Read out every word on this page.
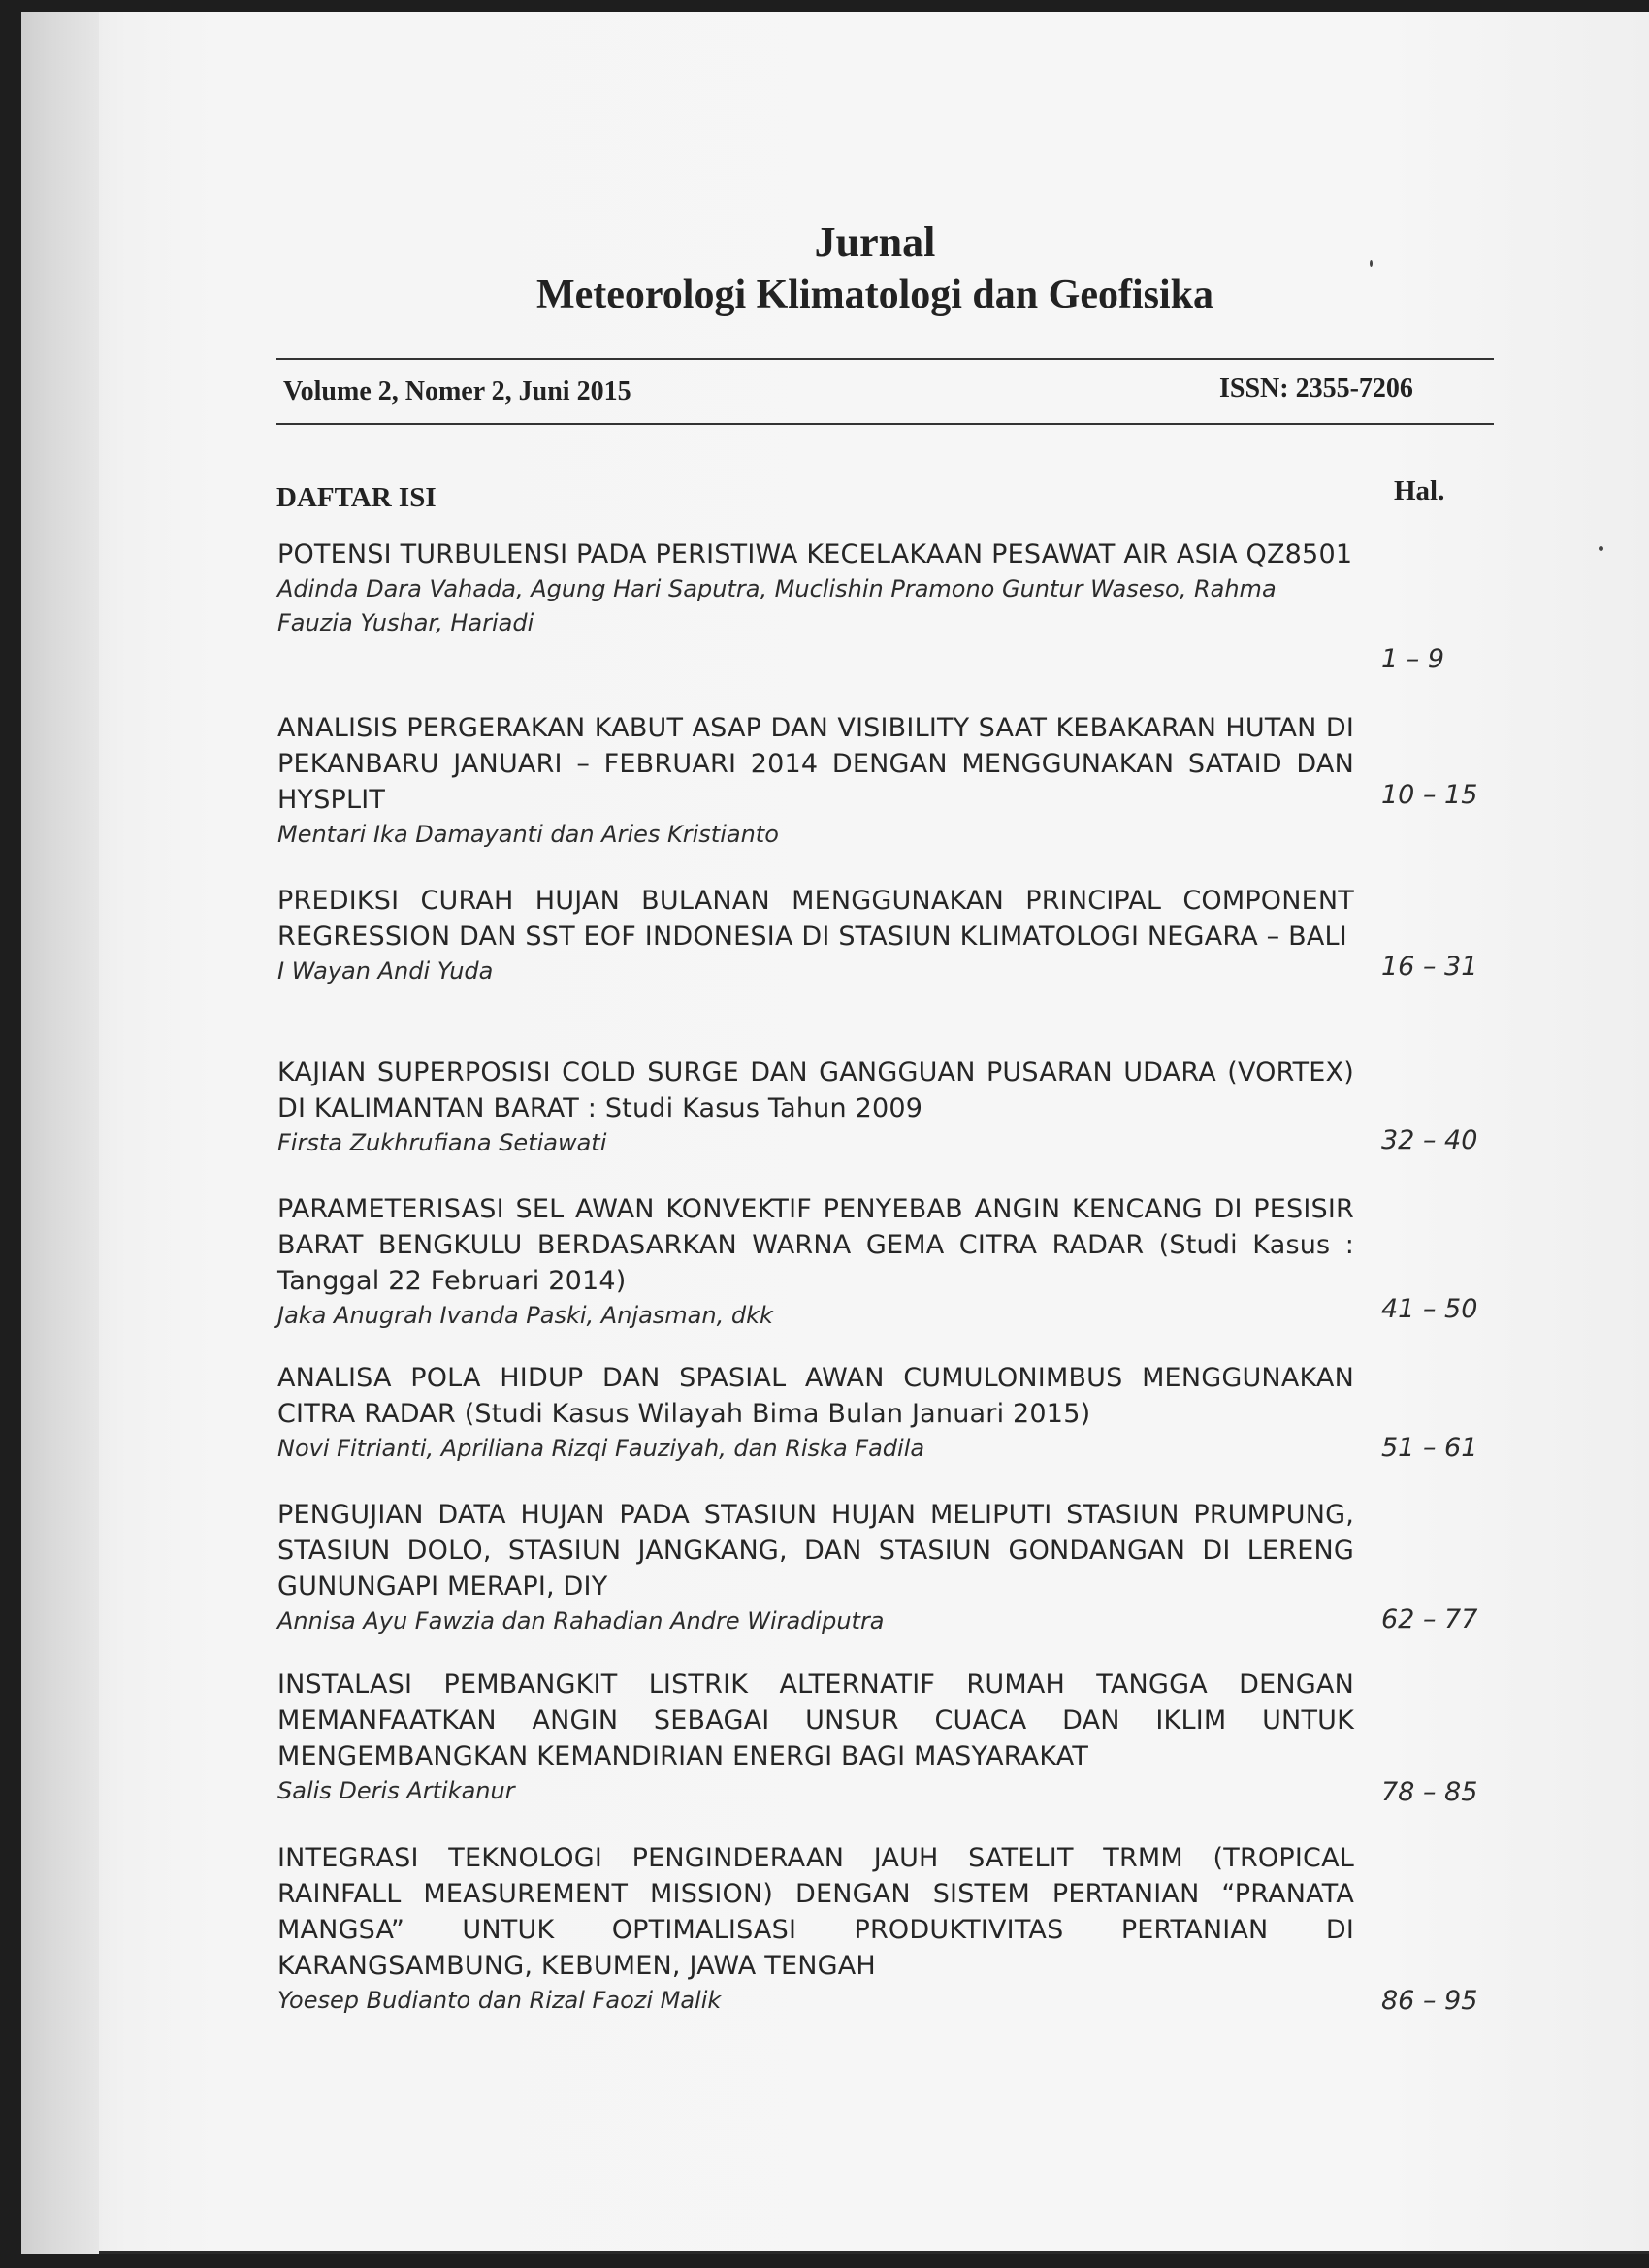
Jurnal
Meteorologi Klimatologi dan Geofisika
Volume 2, Nomer 2, Juni 2015	ISSN: 2355-7206
DAFTAR ISI	Hal.
POTENSI TURBULENSI PADA PERISTIWA KECELAKAAN PESAWAT AIR ASIA QZ8501
Adinda Dara Vahada, Agung Hari Saputra, Muclishin Pramono Guntur Waseso, Rahma Fauzia Yushar, Hariadi
1 – 9
ANALISIS PERGERAKAN KABUT ASAP DAN VISIBILITY SAAT KEBAKARAN HUTAN DI PEKANBARU JANUARI – FEBRUARI 2014 DENGAN MENGGUNAKAN SATAID DAN HYSPLIT
Mentari Ika Damayanti dan Aries Kristianto
10 – 15
PREDIKSI CURAH HUJAN BULANAN MENGGUNAKAN PRINCIPAL COMPONENT REGRESSION DAN SST EOF INDONESIA DI STASIUN KLIMATOLOGI NEGARA – BALI
I Wayan Andi Yuda	16 – 31
KAJIAN SUPERPOSISI COLD SURGE DAN GANGGUAN PUSARAN UDARA (VORTEX) DI KALIMANTAN BARAT : Studi Kasus Tahun 2009
Firsta Zukhrufiana Setiawati	32 – 40
PARAMETERISASI SEL AWAN KONVEKTIF PENYEBAB ANGIN KENCANG DI PESISIR BARAT BENGKULU BERDASARKAN WARNA GEMA CITRA RADAR (Studi Kasus : Tanggal 22 Februari 2014)
Jaka Anugrah Ivanda Paski, Anjasman, dkk	41 – 50
ANALISA POLA HIDUP DAN SPASIAL AWAN CUMULONIMBUS MENGGUNAKAN CITRA RADAR (Studi Kasus Wilayah Bima Bulan Januari 2015)
Novi Fitrianti, Apriliana Rizqi Fauziyah, dan Riska Fadila	51 – 61
PENGUJIAN DATA HUJAN PADA STASIUN HUJAN MELIPUTI STASIUN PRUMPUNG, STASIUN DOLO, STASIUN JANGKANG, DAN STASIUN GONDANGAN DI LERENG GUNUNGAPI MERAPI, DIY
Annisa Ayu Fawzia dan Rahadian Andre Wiradiputra	62 – 77
INSTALASI PEMBANGKIT LISTRIK ALTERNATIF RUMAH TANGGA DENGAN MEMANFAATKAN ANGIN SEBAGAI UNSUR CUACA DAN IKLIM UNTUK MENGEMBANGKAN KEMANDIRIAN ENERGI BAGI MASYARAKAT
Salis Deris Artikanur	78 – 85
INTEGRASI TEKNOLOGI PENGINDERAAN JAUH SATELIT TRMM (TROPICAL RAINFALL MEASUREMENT MISSION) DENGAN SISTEM PERTANIAN “PRANATA MANGSA” UNTUK OPTIMALISASI PRODUKTIVITAS PERTANIAN DI KARANGSAMBUNG, KEBUMEN, JAWA TENGAH
Yoesep Budianto dan Rizal Faozi Malik	86 – 95
